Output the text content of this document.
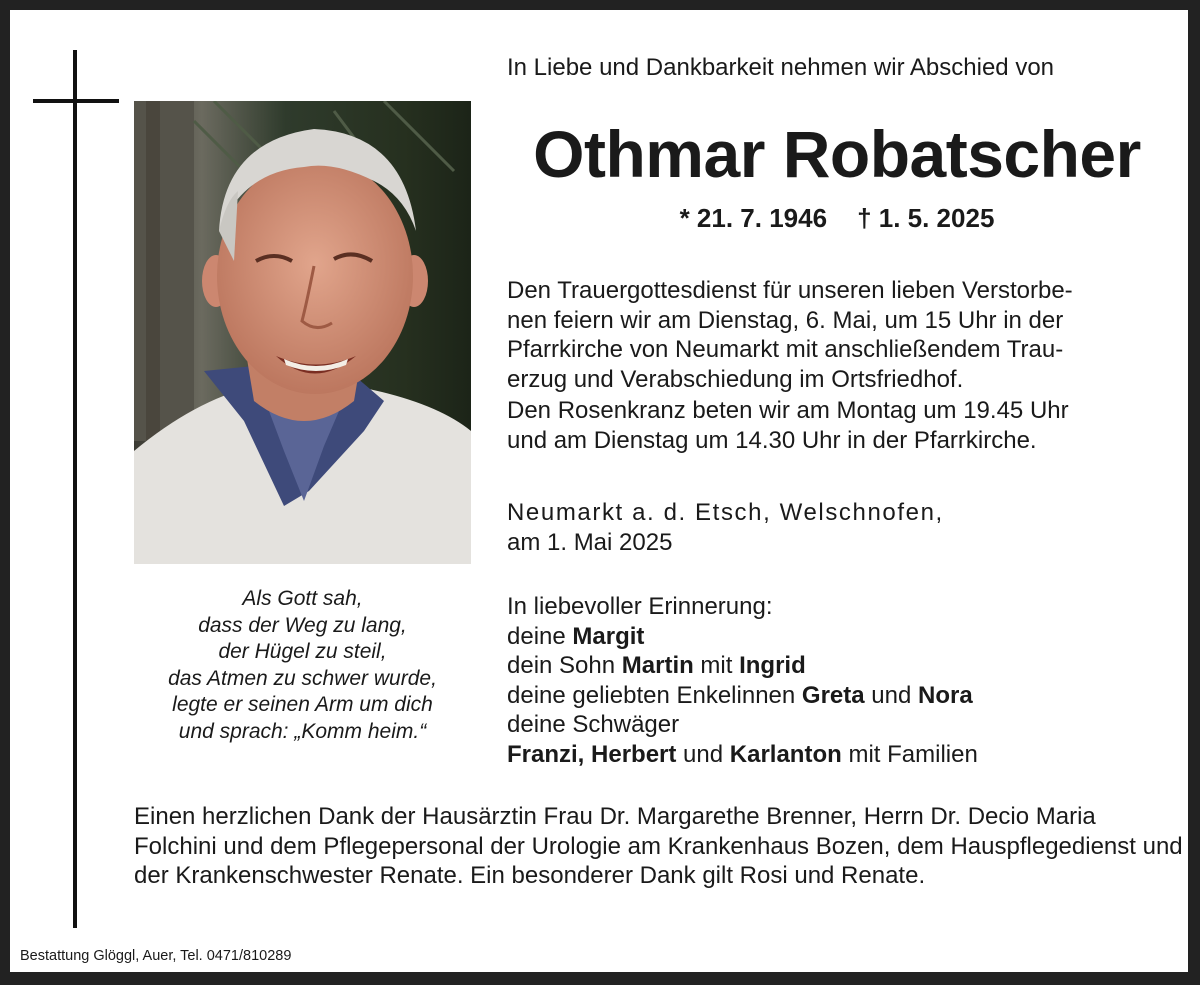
Als Gott sah,
dass der Weg zu lang,
der Hügel zu steil,
das Atmen zu schwer wurde,
legte er seinen Arm um dich
und sprach: „Komm heim.“
In Liebe und Dankbarkeit nehmen wir Abschied von
Othmar Robatscher
* 21. 7. 1946 † 1. 5. 2025
Den Trauergottesdienst für unseren lieben Verstorbe-
nen feiern wir am Dienstag, 6. Mai, um 15 Uhr in der
Pfarrkirche von Neumarkt mit anschließendem Trau-
erzug und Verabschiedung im Ortsfriedhof.
Den Rosenkranz beten wir am Montag um 19.45 Uhr
und am Dienstag um 14.30 Uhr in der Pfarrkirche.
Neumarkt a. d. Etsch, Welschnofen,
am 1. Mai 2025
In liebevoller Erinnerung:
deine Margit
dein Sohn Martin mit Ingrid
deine geliebten Enkelinnen Greta und Nora
deine Schwäger
Franzi, Herbert und Karlanton mit Familien
Einen herzlichen Dank der Hausärztin Frau Dr. Margarethe Brenner, Herrn Dr. Decio Maria Folchini und dem Pflegepersonal der Urologie am Krankenhaus Bozen, dem Hauspflegedienst und der Krankenschwester Renate. Ein besonderer Dank gilt Rosi und Renate.
Bestattung Glöggl, Auer, Tel. 0471/810289
